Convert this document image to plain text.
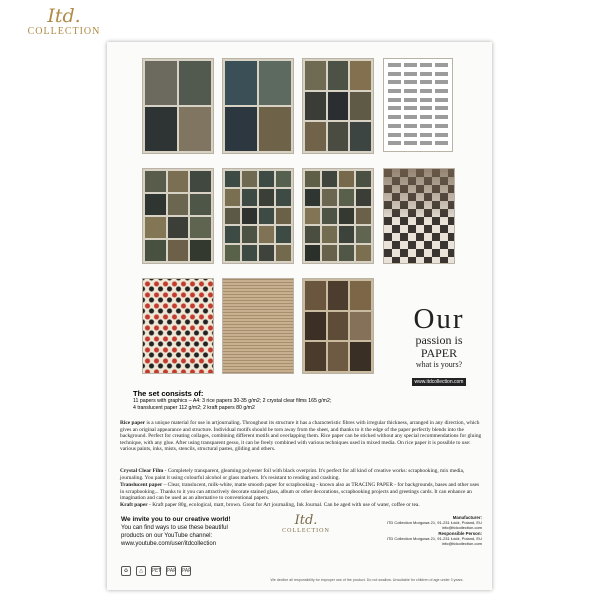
Itd.
COLLECTION
Our
passion is PAPER
what is yours?
www.itdcollection.com
The set consists of:
11 papers with graphics – A4: 3 rice papers 30-35 g/m2; 2 crystal clear films 165 g/m2;
4 translucent paper 112 g/m2; 2 kraft papers 80 g/m2
Rice paper is a unique material for use in artjournaling. Throughout its structure it has a characteristic fibres with irregular thickness, arranged in any direction, which gives an original appearance and structure. Individual motifs should be torn away from the sheet, and thanks to it the edge of the paper perfectly blends into the background. Perfect for creating collages, combining different motifs and overlapping them. Rice paper can be sticked without any special recommendations for gluing technique, with any glue. After using transparent gesso, it can be freely combined with various techniques used in mixed media. On rice paper it is possible to use: various paints, inks, mists, stencils, structural pastes, gilding and others.
Crystal Clear Film - Completely transparent, gleaming polyester foil with black overprint. It's perfect for all kind of creative works: scrapbooking, mix media, journaling. You paint it using colourful alcohol or glass markers. It's resistant to rending and crashing.
Translucent paper – Clear, translucent, milk-white, matte smooth paper for scrapbooking - known also as TRACING PAPER - for backgrounds, bases and other uses in scrapbooking... Thanks to it you can attractively decorate stained glass, album or other decorations, scrapbooking projects and greetings cards. It can enhance an imagination and can be used as an alternative to conventional papers.
Kraft paper - Kraft paper 80g, ecological, matt, brown. Great for Art journaling, Ink Journal. Can be aged with use of water, coffee or tea.
We invite you to our creative world!
You can find ways to use these beautiful
products on our YouTube channel:
www.youtube.com/user/itdcollection
Itd.
COLLECTION
Manufacturer:
ITD Collection Morgowa 21, 91-231 Łódź, Poland, EU
info@itdcollection.com
Responsible Person:
ITD Collection Morgowa 21, 91-231 Łódź, Poland, EU
info@itdcollection.com
♻	△	PET PAP PAP
We decline all responsibility for improper use of the product. Do not swallow. Unsuitable for children of age under 3 years.
